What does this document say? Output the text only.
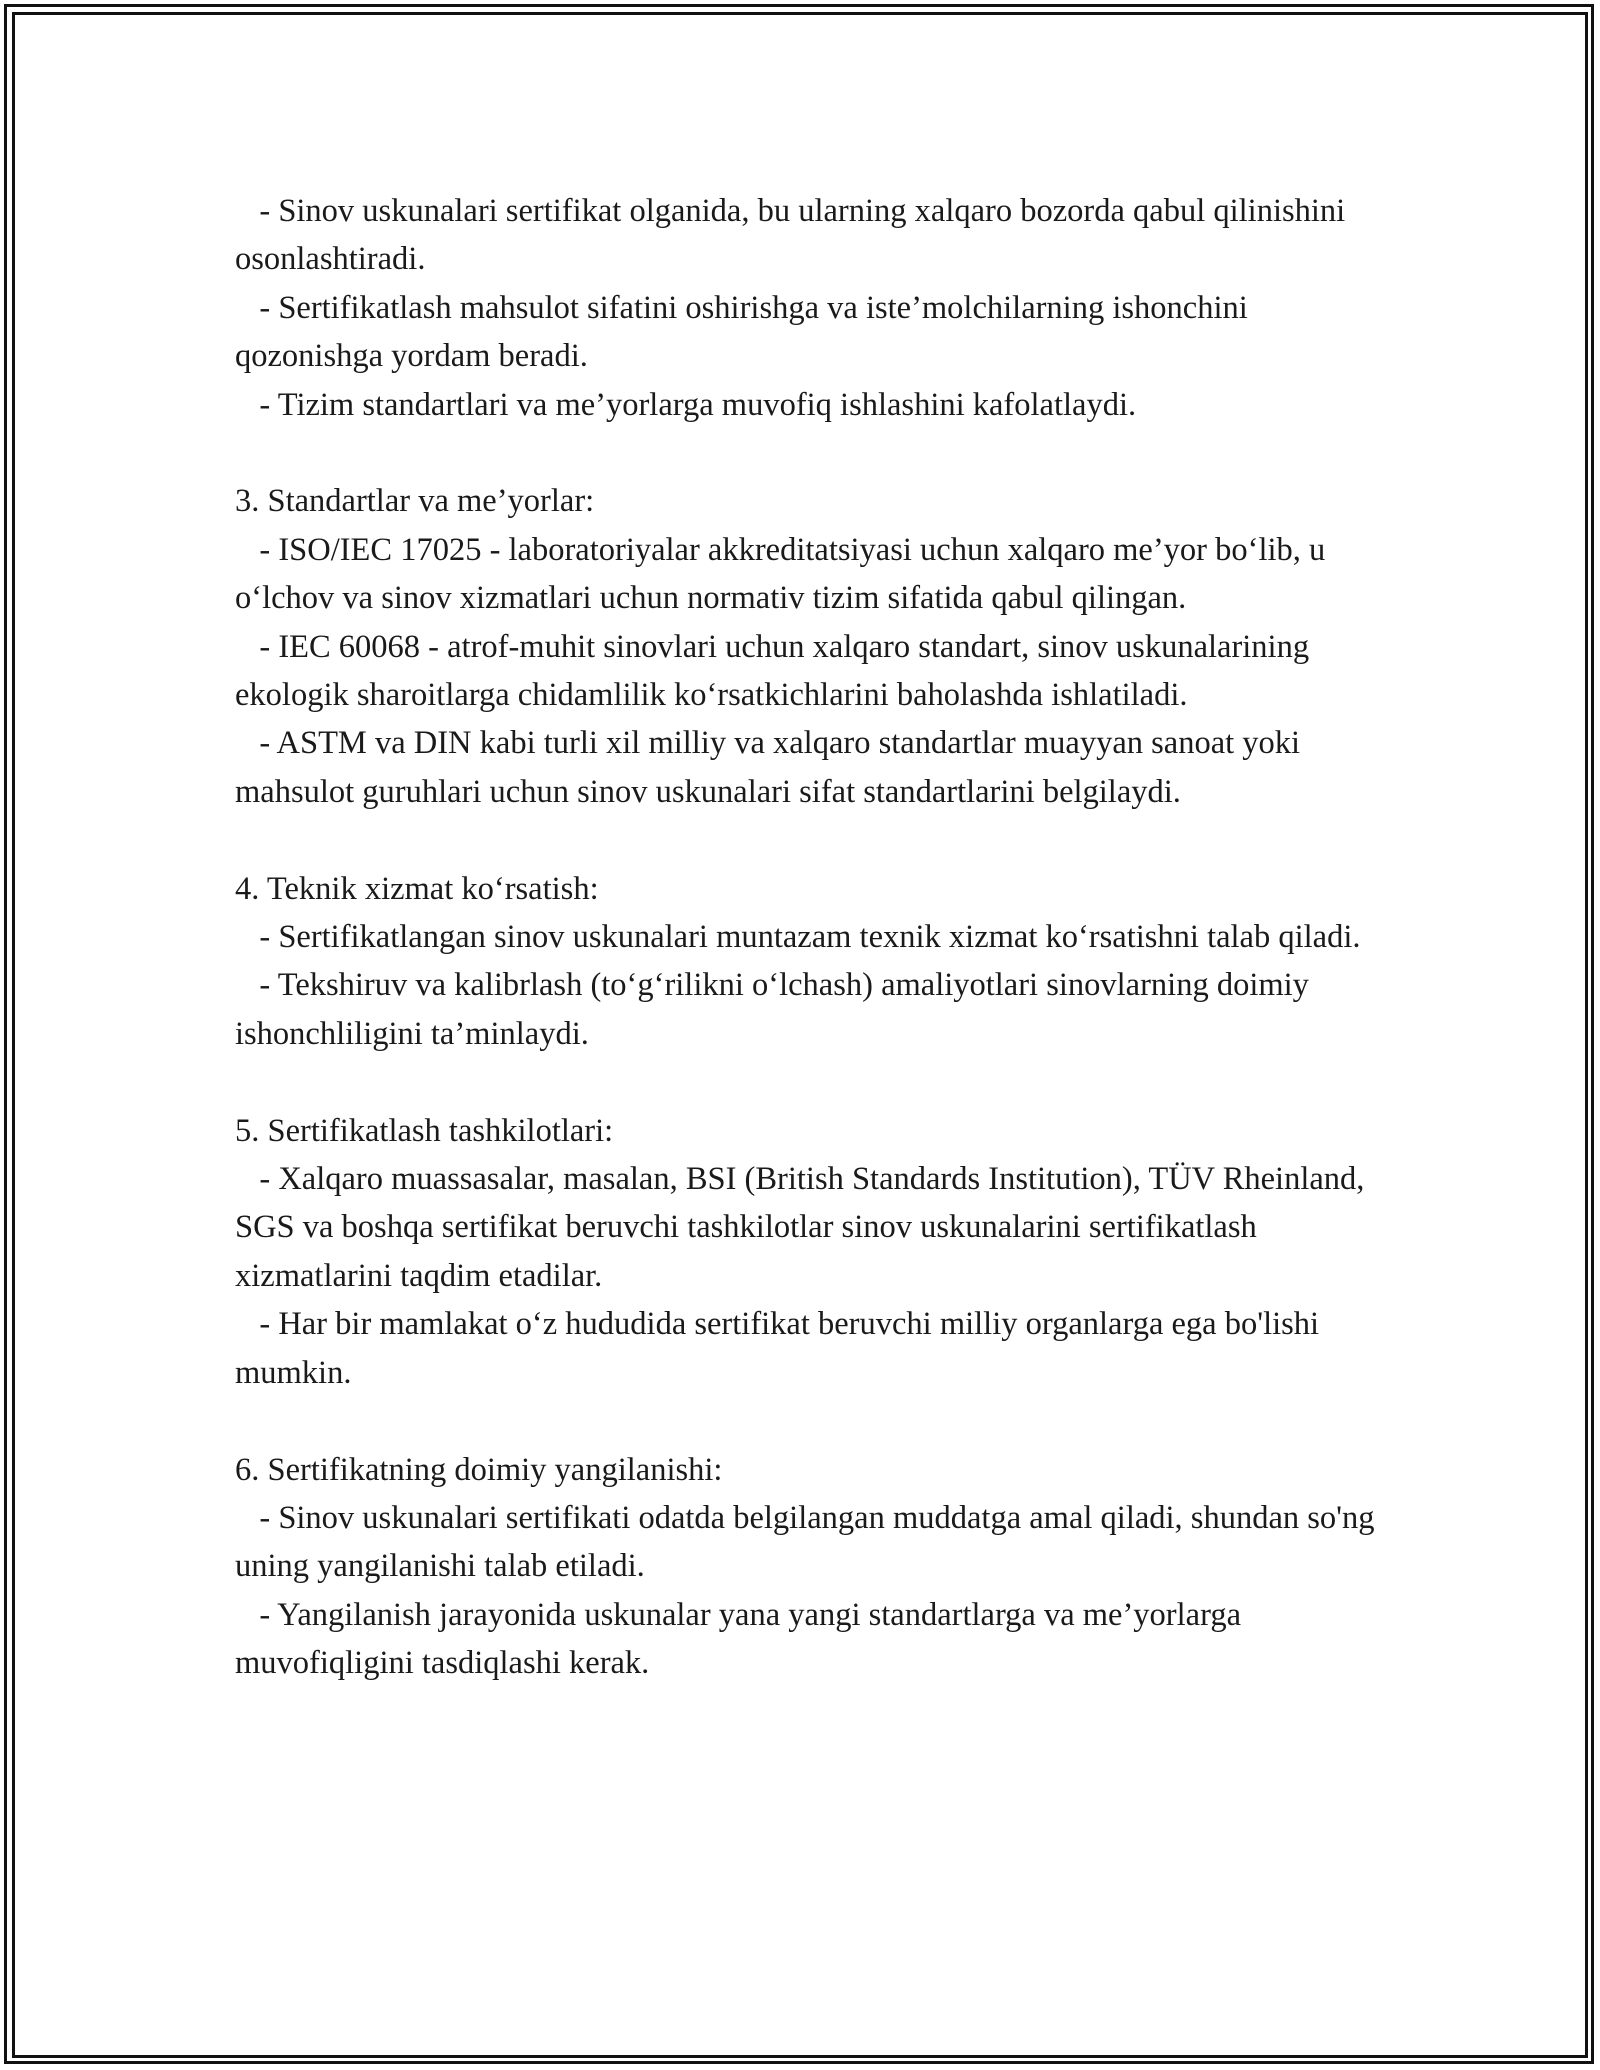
- Sinov uskunalari sertifikat olganida, bu ularning xalqaro bozorda qabul qilinishini osonlashtiradi.

- Sertifikatlash mahsulot sifatini oshirishga va iste’molchilarning ishonchini qozonishga yordam beradi.

- Tizim standartlari va me’yorlarga muvofiq ishlashini kafolatlaydi.

3. Standartlar va me’yorlar:

- ISO/IEC 17025 - laboratoriyalar akkreditatsiyasi uchun xalqaro me’yor bo‘lib, u o‘lchov va sinov xizmatlari uchun normativ tizim sifatida qabul qilingan.

- IEC 60068 - atrof-muhit sinovlari uchun xalqaro standart, sinov uskunalarining ekologik sharoitlarga chidamlilik ko‘rsatkichlarini baholashda ishlatiladi.

- ASTM va DIN kabi turli xil milliy va xalqaro standartlar muayyan sanoat yoki mahsulot guruhlari uchun sinov uskunalari sifat standartlarini belgilaydi.

4. Teknik xizmat ko‘rsatish:

- Sertifikatlangan sinov uskunalari muntazam texnik xizmat ko‘rsatishni talab qiladi.

- Tekshiruv va kalibrlash (to‘g‘rilikni o‘lchash) amaliyotlari sinovlarning doimiy ishonchliligini ta’minlaydi.

5. Sertifikatlash tashkilotlari:

- Xalqaro muassasalar, masalan, BSI (British Standards Institution), TÜV Rheinland, SGS va boshqa sertifikat beruvchi tashkilotlar sinov uskunalarini sertifikatlash xizmatlarini taqdim etadilar.

- Har bir mamlakat o‘z hududida sertifikat beruvchi milliy organlarga ega bo'lishi mumkin.

6. Sertifikatning doimiy yangilanishi:

- Sinov uskunalari sertifikati odatda belgilangan muddatga amal qiladi, shundan so'ng uning yangilanishi talab etiladi.

- Yangilanish jarayonida uskunalar yana yangi standartlarga va me’yorlarga muvofiqligini tasdiqlashi kerak.
